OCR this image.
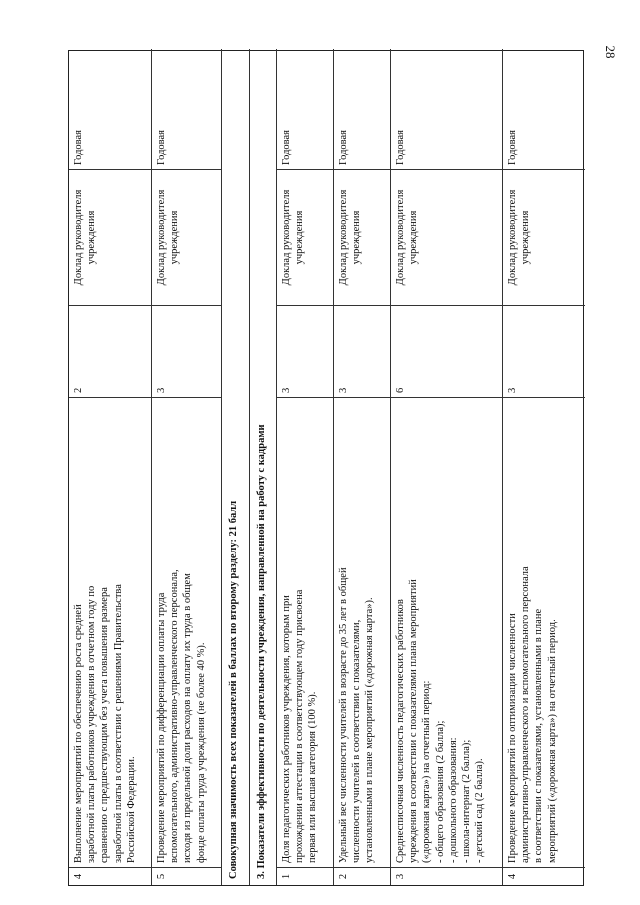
28
4
Выполнение мероприятий по обеспечению роста средней заработной платы работников учреждения в отчетном году по сравнению с предшествующим без учета повышения размера заработной платы в соответствии с решениями Правительства Российской Федерации.
2
Доклад руководителя учреждения
Годовая
5
Проведение мероприятий по дифференциации оплаты труда вспомогательного, административно-управленческого персонала, исходя из предельной доли расходов на оплату их труда в общем фонде оплаты труда учреждения (не более 40 %).
3
Доклад руководителя учреждения
Годовая
Совокупная значимость всех показателей в баллах по второму разделу: 21 балл	3. Показатели эффективности по деятельности учреждения, направленной на работу с кадрами	1
Доля педагогических работников учреждения, которым при прохождении аттестации в соответствующем году присвоена первая или высшая категория (100 %).
3
Доклад руководителя учреждения
Годовая
2
Удельный вес численности учителей в возрасте до 35 лет в общей численности учителей в соответствии с показателями, установленными в плане мероприятий («дорожная карта»).
3
Доклад руководителя учреждения
Годовая
3
Среднесписочная численность педагогических работников учреждения в соответствии с показателями плана мероприятий («дорожная карта») на отчетный период: - общего образования (2 балла); - дошкольного образования: - школа-интернат (2 балла); - детский сад (2 балла).
6
Доклад руководителя учреждения
Годовая
4
Проведение мероприятий по оптимизации численности административно-управленческого и вспомогательного персонала в соответствии с показателями, установленными в плане мероприятий («дорожная карта») на отчетный период.
3
Доклад руководителя учреждения
Годовая
